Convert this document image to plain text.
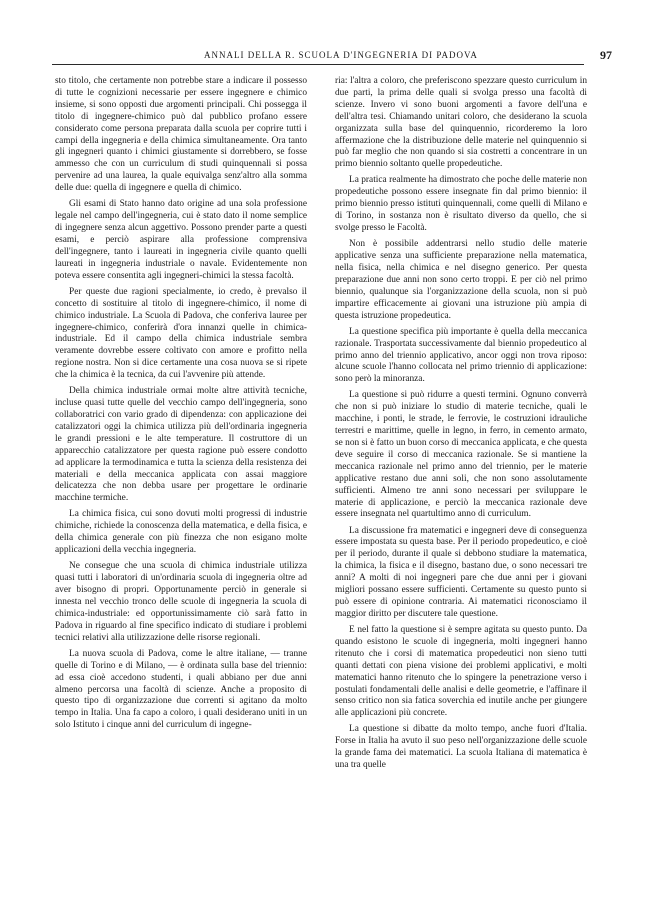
ANNALI DELLA R. SCUOLA D'INGEGNERIA DI PADOVA	97

sto titolo, che certamente non potrebbe stare a indicare il possesso di tutte le cognizioni necessarie per essere ingegnere e chimico insieme, si sono opposti due argomenti principali. Chi possegga il titolo di ingegnere-chimico può dal pubblico profano essere considerato come persona preparata dalla scuola per coprire tutti i campi della ingegneria e della chimica simultaneamente. Ora tanto gli ingegneri quanto i chimici giustamente si dorrebbero, se fosse ammesso che con un curriculum di studi quinquennali si possa pervenire ad una laurea, la quale equivalga senz'altro alla somma delle due: quella di ingegnere e quella di chimico.

Gli esami di Stato hanno dato origine ad una sola professione legale nel campo dell'ingegneria, cui è stato dato il nome semplice di ingegnere senza alcun aggettivo. Possono prender parte a questi esami, e perciò aspirare alla professione comprensiva dell'ingegnere, tanto i laureati in ingegneria civile quanto quelli laureati in ingegneria industriale o navale. Evidentemente non poteva essere consentita agli ingegneri-chimici la stessa facoltà.

Per queste due ragioni specialmente, io credo, è prevalso il concetto di sostituire al titolo di ingegnere-chimico, il nome di chimico industriale. La Scuola di Padova, che conferiva lauree per ingegnere-chimico, conferirà d'ora innanzi quelle in chimica-industriale. Ed il campo della chimica industriale sembra veramente dovrebbe essere coltivato con amore e profitto nella regione nostra. Non si dice certamente una cosa nuova se si ripete che la chimica è la tecnica, da cui l'avvenire più attende.

Della chimica industriale ormai molte altre attività tecniche, incluse quasi tutte quelle del vecchio campo dell'ingegneria, sono collaboratrici con vario grado di dipendenza: con applicazione dei catalizzatori oggi la chimica utilizza più dell'ordinaria ingegneria le grandi pressioni e le alte temperature. Il costruttore di un apparecchio catalizzatore per questa ragione può essere condotto ad applicare la termodinamica e tutta la scienza della resistenza dei materiali e della meccanica applicata con assai maggiore delicatezza che non debba usare per progettare le ordinarie macchine termiche.

La chimica fisica, cui sono dovuti molti progressi di industrie chimiche, richiede la conoscenza della matematica, e della fisica, e della chimica generale con più finezza che non esigano molte applicazioni della vecchia ingegneria.

Ne consegue che una scuola di chimica industriale utilizza quasi tutti i laboratori di un'ordinaria scuola di ingegneria oltre ad aver bisogno di propri. Opportunamente perciò in generale si innesta nel vecchio tronco delle scuole di ingegneria la scuola di chimica-industriale: ed opportunissimamente ciò sarà fatto in Padova in riguardo al fine specifico indicato di studiare i problemi tecnici relativi alla utilizzazione delle risorse regionali.

La nuova scuola di Padova, come le altre italiane, — tranne quelle di Torino e di Milano, — è ordinata sulla base del triennio: ad essa cioè accedono studenti, i quali abbiano per due anni almeno percorsa una facoltà di scienze. Anche a proposito di questo tipo di organizzazione due correnti si agitano da molto tempo in Italia. Una fa capo a coloro, i quali desiderano uniti in un solo Istituto i cinque anni del curriculum di ingegne-

ria: l'altra a coloro, che preferiscono spezzare questo curriculum in due parti, la prima delle quali si svolga presso una facoltà di scienze. Invero vi sono buoni argomenti a favore dell'una e dell'altra tesi. Chiamando unitari coloro, che desiderano la scuola organizzata sulla base del quinquennio, ricorderemo la loro affermazione che la distribuzione delle materie nel quinquennio si può far meglio che non quando si sia costretti a concentrare in un primo biennio soltanto quelle propedeutiche.

La pratica realmente ha dimostrato che poche delle materie non propedeutiche possono essere insegnate fin dal primo biennio: il primo biennio presso istituti quinquennali, come quelli di Milano e di Torino, in sostanza non è risultato diverso da quello, che si svolge presso le Facoltà.

Non è possibile addentrarsi nello studio delle materie applicative senza una sufficiente preparazione nella matematica, nella fisica, nella chimica e nel disegno generico. Per questa preparazione due anni non sono certo troppi. E per ciò nel primo biennio, qualunque sia l'organizzazione della scuola, non si può impartire efficacemente ai giovani una istruzione più ampia di questa istruzione propedeutica.

La questione specifica più importante è quella della meccanica razionale. Trasportata successivamente dal biennio propedeutico al primo anno del triennio applicativo, ancor oggi non trova riposo: alcune scuole l'hanno collocata nel primo triennio di applicazione: sono però la minoranza.

La questione si può ridurre a questi termini. Ognuno converrà che non si può iniziare lo studio di materie tecniche, quali le macchine, i ponti, le strade, le ferrovie, le costruzioni idrauliche terrestri e marittime, quelle in legno, in ferro, in cemento armato, se non si è fatto un buon corso di meccanica applicata, e che questa deve seguire il corso di meccanica razionale. Se si mantiene la meccanica razionale nel primo anno del triennio, per le materie applicative restano due anni soli, che non sono assolutamente sufficienti. Almeno tre anni sono necessari per sviluppare le materie di applicazione, e perciò la meccanica razionale deve essere insegnata nel quartultimo anno di curriculum.

La discussione fra matematici e ingegneri deve di conseguenza essere impostata su questa base. Per il periodo propedeutico, e cioè per il periodo, durante il quale si debbono studiare la matematica, la chimica, la fisica e il disegno, bastano due, o sono necessari tre anni? A molti di noi ingegneri pare che due anni per i giovani migliori possano essere sufficienti. Certamente su questo punto si può essere di opinione contraria. Ai matematici riconosciamo il maggior diritto per discutere tale questione.

E nel fatto la questione si è sempre agitata su questo punto. Da quando esistono le scuole di ingegneria, molti ingegneri hanno ritenuto che i corsi di matematica propedeutici non sieno tutti quanti dettati con piena visione dei problemi applicativi, e molti matematici hanno ritenuto che lo spingere la penetrazione verso i postulati fondamentali delle analisi e delle geometrie, e l'affinare il senso critico non sia fatica soverchia ed inutile anche per giungere alle applicazioni più concrete.

La questione si dibatte da molto tempo, anche fuori d'Italia. Forse in Italia ha avuto il suo peso nell'organizzazione delle scuole la grande fama dei matematici. La scuola Italiana di matematica è una tra quelle
